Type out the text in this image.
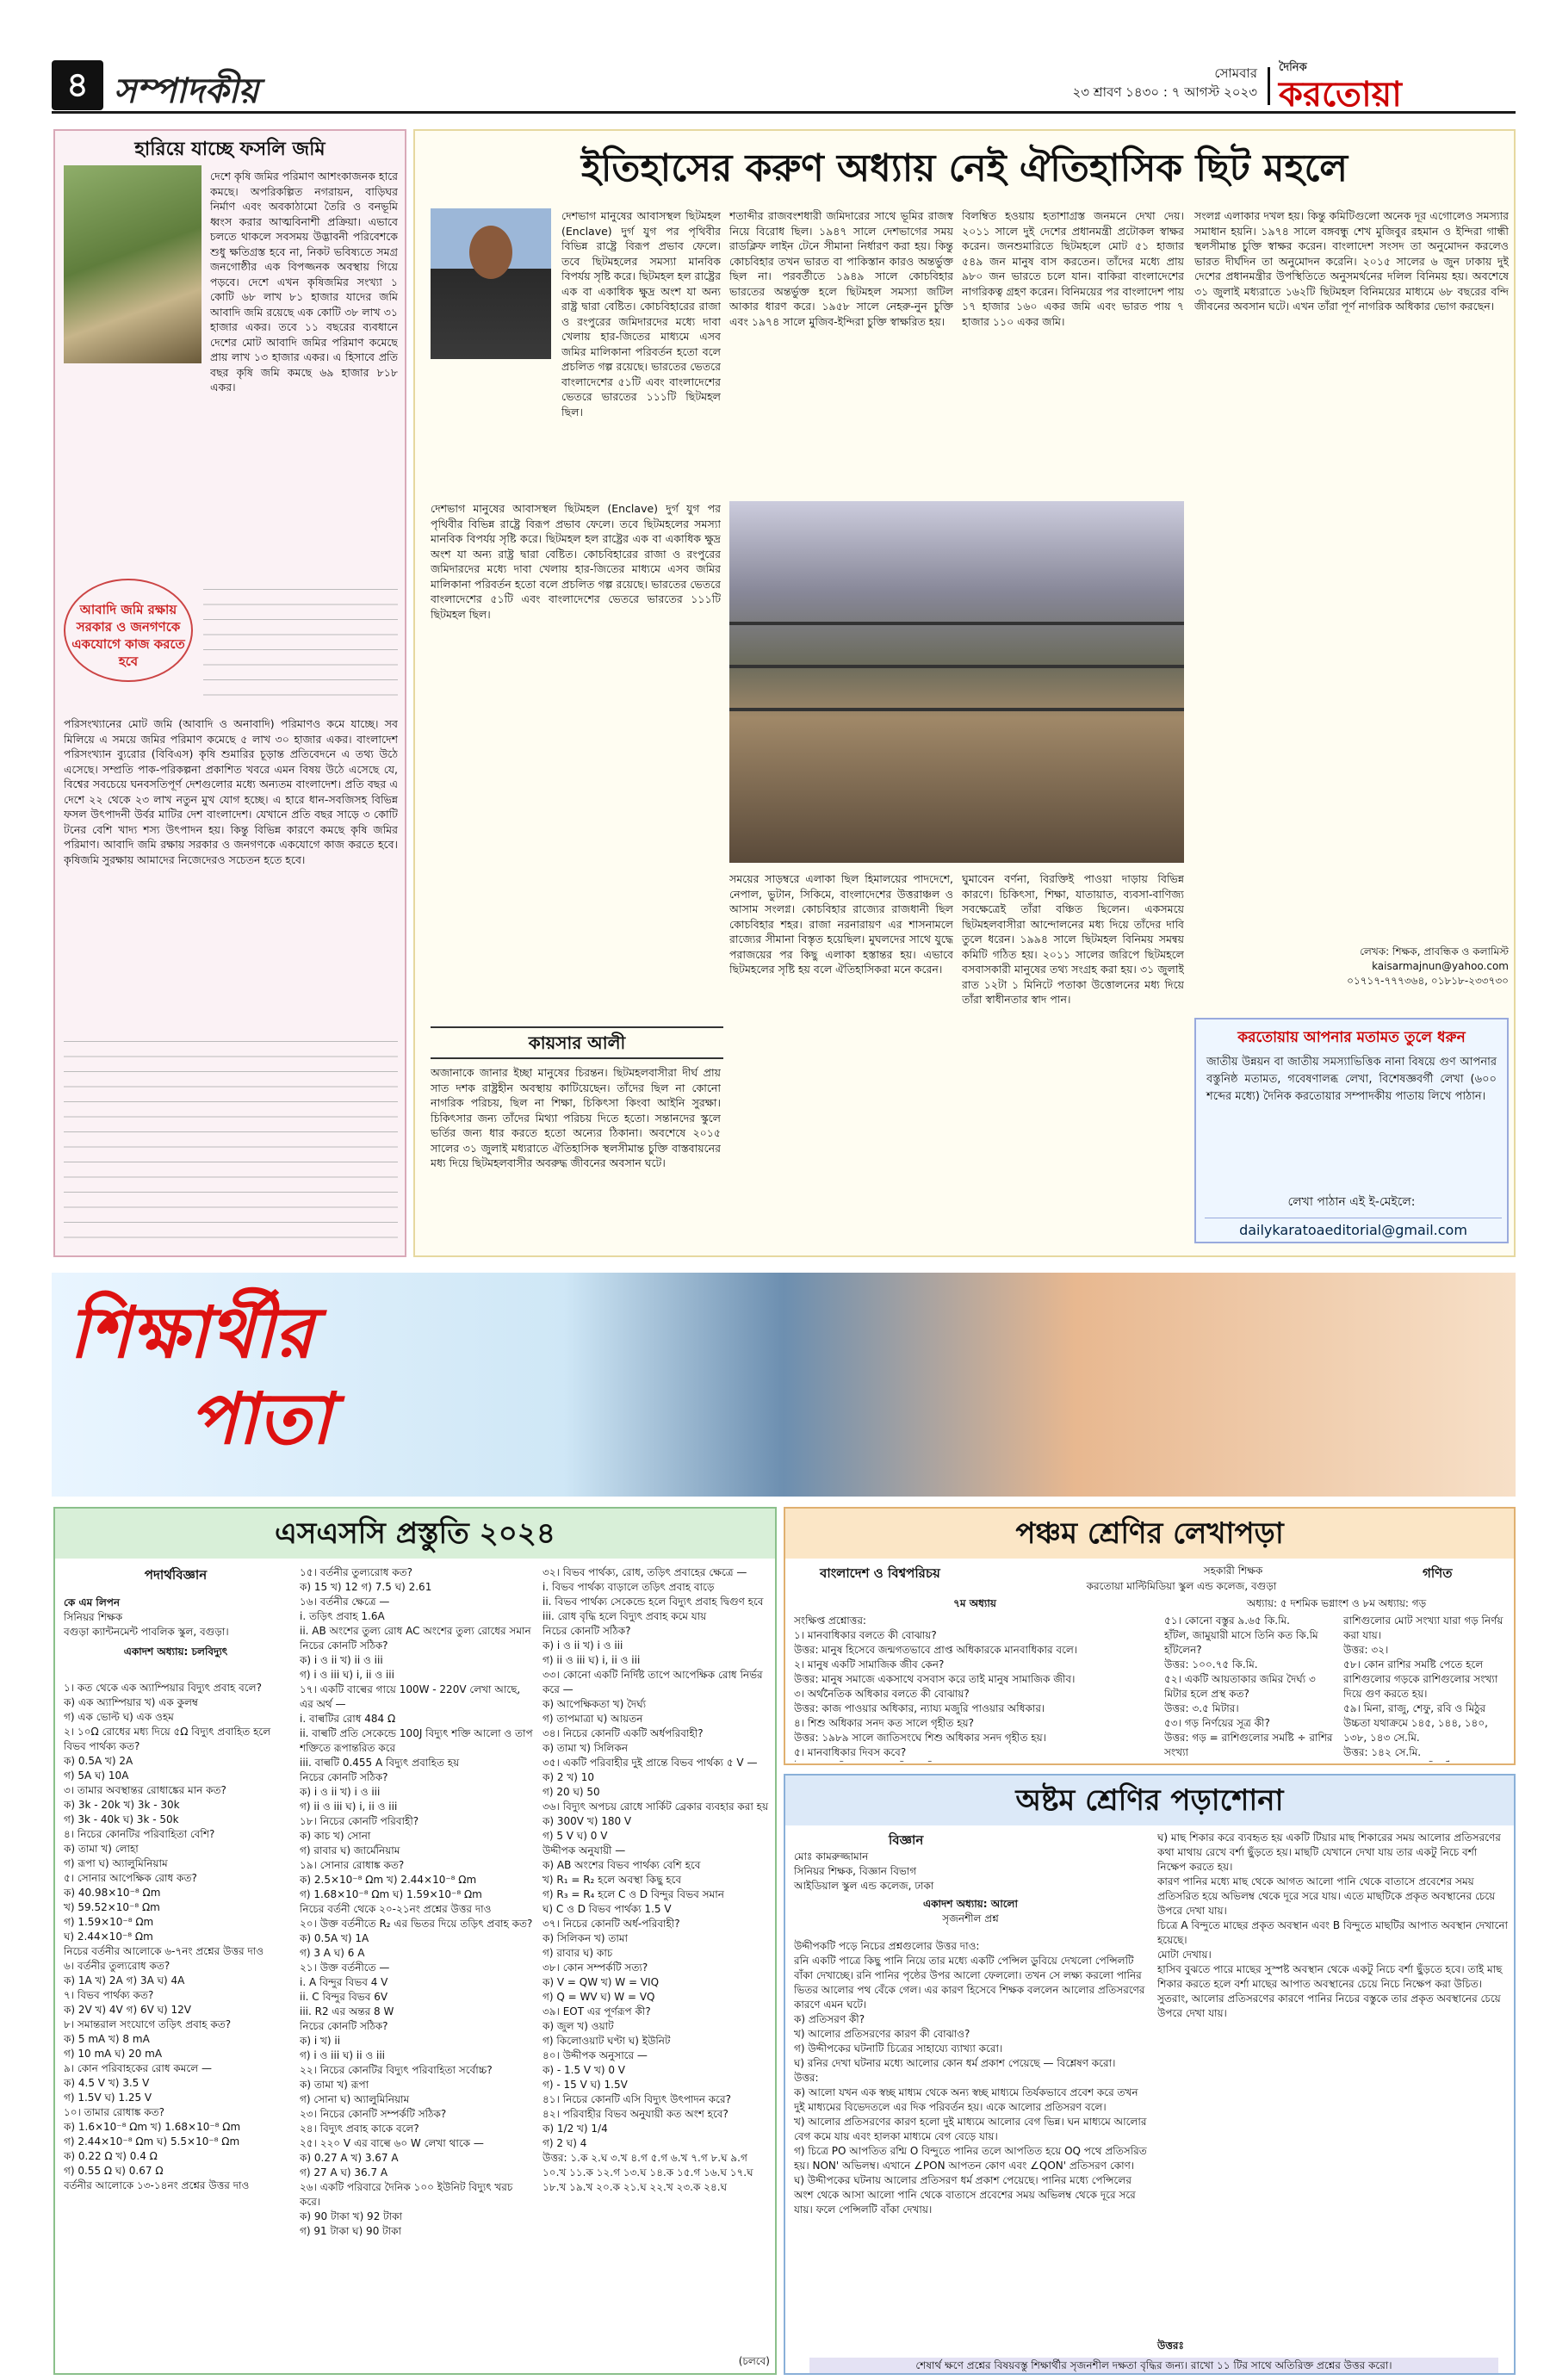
৪ সম্পাদকীয়	সোমবার
২৩ শ্রাবণ ১৪৩০ : ৭ আগস্ট ২০২৩
দৈনিক
করতোয়া
হারিয়ে যাচ্ছে ফসলি জমি
দেশে কৃষি জমির পরিমাণ আশংকাজনক হারে কমছে। অপরিকল্পিত নগরায়ন, বাড়িঘর নির্মাণ এবং অবকাঠামো তৈরি ও বনভূমি ধ্বংস করার আত্মবিনাশী প্রক্রিয়া। এভাবে চলতে থাকলে সবসময় উদ্ভাবনী পরিবেশকে শুধু ক্ষতিগ্রস্ত হবে না, নিকট ভবিষ্যতে সমগ্র জনগোষ্ঠীর এক বিপজ্জনক অবস্থায় গিয়ে পড়বে। দেশে এখন কৃষিজমির সংখ্যা ১ কোটি ৬৮ লাখ ৮১ হাজার যাদের জমি আবাদি জমি রয়েছে এক কোটি ৩৮ লাখ ৩১ হাজার একর। তবে ১১ বছরের ব্যবধানে দেশের মোট আবাদি জমির পরিমাণ কমেছে প্রায় লাখ ১৩ হাজার একর। এ হিসাবে প্রতি বছর কৃষি জমি কমছে ৬৯ হাজার ৮১৮ একর।
আবাদি জমি রক্ষায় সরকার ও জনগণকে একযোগে কাজ করতে হবে
পরিসংখ্যানের মোট জমি (আবাদি ও অনাবাদি) পরিমাণও কমে যাচ্ছে। সব মিলিয়ে এ সময়ে জমির পরিমাণ কমেছে ৫ লাখ ৩০ হাজার একর। বাংলাদেশ পরিসংখ্যান ব্যুরোর (বিবিএস) কৃষি শুমারির চূড়ান্ত প্রতিবেদনে এ তথ্য উঠে এসেছে। সম্প্রতি পাক-পরিকল্পনা প্রকাশিত খবরে এমন বিষয় উঠে এসেছে যে, বিশ্বের সবচেয়ে ঘনবসতিপূর্ণ দেশগুলোর মধ্যে অন্যতম বাংলাদেশ। প্রতি বছর এ দেশে ২২ থেকে ২৩ লাখ নতুন মুখ যোগ হচ্ছে। এ হারে ধান-সবজিসহ বিভিন্ন ফসল উৎপাদনী উর্বর মাটির দেশ বাংলাদেশ। যেখানে প্রতি বছর সাড়ে ৩ কোটি টনের বেশি খাদ্য শস্য উৎপাদন হয়। কিন্তু বিভিন্ন কারণে কমছে কৃষি জমির পরিমাণ। আবাদি জমি রক্ষায় সরকার ও জনগণকে একযোগে কাজ করতে হবে। কৃষিজমি সুরক্ষায় আমাদের নিজেদেরও সচেতন হতে হবে।
ইতিহাসের করুণ অধ্যায় নেই ঐতিহাসিক ছিট মহলে
দেশভাগ মানুষের আবাসস্থল ছিটমহল (Enclave) দুর্গ যুগ পর পৃথিবীর বিভিন্ন রাষ্ট্রে বিরূপ প্রভাব ফেলে। তবে ছিটমহলের সমস্যা মানবিক বিপর্যয় সৃষ্টি করে। ছিটমহল হল রাষ্ট্রের এক বা একাধিক ক্ষুদ্র অংশ যা অন্য রাষ্ট্র দ্বারা বেষ্টিত। কোচবিহারের রাজা ও রংপুরের জমিদারদের মধ্যে দাবা খেলায় হার-জিতের মাধ্যমে এসব জমির মালিকানা পরিবর্তন হতো বলে প্রচলিত গল্প রয়েছে। ভারতের ভেতরে বাংলাদেশের ৫১টি এবং বাংলাদেশের ভেতরে ভারতের ১১১টি ছিটমহল ছিল।
দেশভাগ মানুষের আবাসস্থল ছিটমহল (Enclave) দুর্গ যুগ পর পৃথিবীর বিভিন্ন রাষ্ট্রে বিরূপ প্রভাব ফেলে। তবে ছিটমহলের সমস্যা মানবিক বিপর্যয় সৃষ্টি করে। ছিটমহল হল রাষ্ট্রের এক বা একাধিক ক্ষুদ্র অংশ যা অন্য রাষ্ট্র দ্বারা বেষ্টিত। কোচবিহারের রাজা ও রংপুরের জমিদারদের মধ্যে দাবা খেলায় হার-জিতের মাধ্যমে এসব জমির মালিকানা পরিবর্তন হতো বলে প্রচলিত গল্প রয়েছে। ভারতের ভেতরে বাংলাদেশের ৫১টি এবং বাংলাদেশের ভেতরে ভারতের ১১১টি ছিটমহল ছিল।
কায়সার আলী
অজানাকে জানার ইচ্ছা মানুষের চিরন্তন। ছিটমহলবাসীরা দীর্ঘ প্রায় সাত দশক রাষ্ট্রহীন অবস্থায় কাটিয়েছেন। তাঁদের ছিল না কোনো নাগরিক পরিচয়, ছিল না শিক্ষা, চিকিৎসা কিংবা আইনি সুরক্ষা। চিকিৎসার জন্য তাঁদের মিথ্যা পরিচয় দিতে হতো। সন্তানদের স্কুলে ভর্তির জন্য ধার করতে হতো অন্যের ঠিকানা। অবশেষে ২০১৫ সালের ৩১ জুলাই মধ্যরাতে ঐতিহাসিক স্থলসীমান্ত চুক্তি বাস্তবায়নের মধ্য দিয়ে ছিটমহলবাসীর অবরুদ্ধ জীবনের অবসান ঘটে।
শতাব্দীর রাজবংশধারী জমিদারের সাথে ভূমির রাজস্ব নিয়ে বিরোধ ছিল। ১৯৪৭ সালে দেশভাগের সময় রাডক্লিফ লাইন টেনে সীমানা নির্ধারণ করা হয়। কিন্তু কোচবিহার তখন ভারত বা পাকিস্তান কারও অন্তর্ভুক্ত ছিল না। পরবর্তীতে ১৯৪৯ সালে কোচবিহার ভারতের অন্তর্ভুক্ত হলে ছিটমহল সমস্যা জটিল আকার ধারণ করে। ১৯৫৮ সালে নেহরু-নুন চুক্তি এবং ১৯৭৪ সালে মুজিব-ইন্দিরা চুক্তি স্বাক্ষরিত হয়।
বিলম্বিত হওয়ায় হতাশাগ্রস্ত জনমনে দেখা দেয়। ২০১১ সালে দুই দেশের প্রধানমন্ত্রী প্রটোকল স্বাক্ষর করেন। জনশুমারিতে ছিটমহলে মোট ৫১ হাজার ৫৪৯ জন মানুষ বাস করতেন। তাঁদের মধ্যে প্রায় ৯৮০ জন ভারতে চলে যান। বাকিরা বাংলাদেশের নাগরিকত্ব গ্রহণ করেন। বিনিময়ের পর বাংলাদেশ পায় ১৭ হাজার ১৬০ একর জমি এবং ভারত পায় ৭ হাজার ১১০ একর জমি।
সংলগ্ন এলাকার দখল হয়। কিন্তু কমিটিগুলো অনেক দূর এগোলেও সমস্যার সমাধান হয়নি। ১৯৭৪ সালে বঙ্গবন্ধু শেখ মুজিবুর রহমান ও ইন্দিরা গান্ধী স্থলসীমান্ত চুক্তি স্বাক্ষর করেন। বাংলাদেশ সংসদ তা অনুমোদন করলেও ভারত দীর্ঘদিন তা অনুমোদন করেনি। ২০১৫ সালের ৬ জুন ঢাকায় দুই দেশের প্রধানমন্ত্রীর উপস্থিতিতে অনুসমর্থনের দলিল বিনিময় হয়। অবশেষে ৩১ জুলাই মধ্যরাতে ১৬২টি ছিটমহল বিনিময়ের মাধ্যমে ৬৮ বছরের বন্দি জীবনের অবসান ঘটে। এখন তাঁরা পূর্ণ নাগরিক অধিকার ভোগ করছেন।
সময়ের সাড়ম্বরে এলাকা ছিল হিমালয়ের পাদদেশে, নেপাল, ভুটান, সিকিমে, বাংলাদেশের উত্তরাঞ্চল ও আসাম সংলগ্ন। কোচবিহার রাজ্যের রাজধানী ছিল কোচবিহার শহর। রাজা নরনারায়ণ এর শাসনামলে রাজ্যের সীমানা বিস্তৃত হয়েছিল। মুঘলদের সাথে যুদ্ধে পরাজয়ের পর কিছু এলাকা হস্তান্তর হয়। এভাবে ছিটমহলের সৃষ্টি হয় বলে ঐতিহাসিকরা মনে করেন।
ঘুমাবেন বর্ণনা, বিরক্তিই পাওয়া দাড়ায় বিভিন্ন কারণে। চিকিৎসা, শিক্ষা, যাতায়াত, ব্যবসা-বাণিজ্য সবক্ষেত্রেই তাঁরা বঞ্চিত ছিলেন। একসময়ে ছিটমহলবাসীরা আন্দোলনের মধ্য দিয়ে তাঁদের দাবি তুলে ধরেন। ১৯৯৪ সালে ছিটমহল বিনিময় সমন্বয় কমিটি গঠিত হয়। ২০১১ সালের জরিপে ছিটমহলে বসবাসকারী মানুষের তথ্য সংগ্রহ করা হয়। ৩১ জুলাই রাত ১২টা ১ মিনিটে পতাকা উত্তোলনের মধ্য দিয়ে তাঁরা স্বাধীনতার স্বাদ পান।
লেখক: শিক্ষক, প্রাবন্ধিক ও কলামিস্ট
kaisarmajnun@yahoo.com
০১৭১৭-৭৭৭৩৬৪, ০১৮১৮-২৩৩৭৩০
করতোয়ায় আপনার মতামত তুলে ধরুন
জাতীয় উন্নয়ন বা জাতীয় সমস্যাভিত্তিক নানা বিষয়ে গুণ আপনার বস্তুনিষ্ঠ মতামত, গবেষণালব্ধ লেখা, বিশেষজ্ঞবর্গী লেখা (৬০০ শব্দের মধ্যে) দৈনিক করতোয়ার সম্পাদকীয় পাতায় লিখে পাঠান।
লেখা পাঠান এই ই-মেইলে:
dailykaratoaeditorial@gmail.com
শিক্ষার্থীর
পাতা
এসএসসি প্রস্তুতি ২০২৪
পদার্থবিজ্ঞান
কে এম লিপন
সিনিয়র শিক্ষক
বগুড়া ক্যান্টনমেন্ট পাবলিক স্কুল, বগুড়া।
একাদশ অধ্যায়: চলবিদ্যুৎ
১। কত থেকে এক অ্যাম্পিয়ার বিদ্যুৎ প্রবাহ বলে?
ক) এক অ্যাম্পিয়ার খ) এক কুলম্ব
গ) এক ভোল্ট ঘ) এক ওহম
২। ১০Ω রোধের মধ্য দিয়ে ৫Ω বিদ্যুৎ প্রবাহিত হলে বিভব পার্থক্য কত?
ক) 0.5A খ) 2A
গ) 5A ঘ) 10A
৩। তামার অবস্থান্তর রোধাঙ্কের মান কত?
ক) 3k - 20k খ) 3k - 30k
গ) 3k - 40k ঘ) 3k - 50k
৪। নিচের কোনটির পরিবাহিতা বেশি?
ক) তামা খ) লোহা
গ) রূপা ঘ) অ্যালুমিনিয়াম
৫। সোনার আপেক্ষিক রোধ কত?
ক) 40.98×10⁻⁸ Ωm
খ) 59.52×10⁻⁸ Ωm
গ) 1.59×10⁻⁸ Ωm
ঘ) 2.44×10⁻⁸ Ωm
নিচের বর্তনীর আলোকে ৬-৭নং প্রশ্নের উত্তর দাও
৬। বর্তনীর তুল্যরোধ কত?
ক) 1A খ) 2A গ) 3A ঘ) 4A
৭। বিভব পার্থক্য কত?
ক) 2V খ) 4V গ) 6V ঘ) 12V
৮। সমান্তরাল সংযোগে তড়িৎ প্রবাহ কত?
ক) 5 mA খ) 8 mA
গ) 10 mA ঘ) 20 mA
৯। কোন পরিবাহকের রোধ কমলে —
ক) 4.5 V খ) 3.5 V
গ) 1.5V ঘ) 1.25 V
১০। তামার রোধাঙ্ক কত?
ক) 1.6×10⁻⁸ Ωm খ) 1.68×10⁻⁸ Ωm
গ) 2.44×10⁻⁸ Ωm ঘ) 5.5×10⁻⁸ Ωm
ক) 0.22 Ω খ) 0.4 Ω
গ) 0.55 Ω ঘ) 0.67 Ω
বর্তনীর আলোকে ১৩-১৪নং প্রশ্নের উত্তর দাও
১৫। বর্তনীর তুল্যরোধ কত?
ক) 15 খ) 12 গ) 7.5 ঘ) 2.61
১৬। বর্তনীর ক্ষেত্রে —
i. তড়িৎ প্রবাহ 1.6A
ii. AB অংশের তুল্য রোধ AC অংশের তুল্য রোধের সমান
নিচের কোনটি সঠিক?
ক) i ও ii খ) ii ও iii
গ) i ও iii ঘ) i, ii ও iii
১৭। একটি বাল্বের গায়ে 100W - 220V লেখা আছে, এর অর্থ —
i. বাল্বটির রোধ 484 Ω
ii. বাল্বটি প্রতি সেকেন্ডে 100J বিদ্যুৎ শক্তি আলো ও তাপ শক্তিতে রূপান্তরিত করে
iii. বাল্বটি 0.455 A বিদ্যুৎ প্রবাহিত হয়
নিচের কোনটি সঠিক?
ক) i ও ii খ) i ও iii
গ) ii ও iii ঘ) i, ii ও iii
১৮। নিচের কোনটি পরিবাহী?
ক) কাচ খ) সোনা
গ) রাবার ঘ) জার্মেনিয়াম
১৯। সোনার রোধাঙ্ক কত?
ক) 2.5×10⁻⁸ Ωm খ) 2.44×10⁻⁸ Ωm
গ) 1.68×10⁻⁸ Ωm ঘ) 1.59×10⁻⁸ Ωm
নিচের বর্তনী থেকে ২০-২১নং প্রশ্নের উত্তর দাও
২০। উক্ত বর্তনীতে R₂ এর ভিতর দিয়ে তড়িৎ প্রবাহ কত?
ক) 0.5A খ) 1A
গ) 3 A ঘ) 6 A
২১। উক্ত বর্তনীতে —
i. A বিন্দুর বিভব 4 V
ii. C বিন্দুর বিভব 6V
iii. R2 এর অন্তর 8 W
নিচের কোনটি সঠিক?
ক) i খ) ii
গ) i ও iii ঘ) ii ও iii
২২। নিচের কোনটির বিদ্যুৎ পরিবাহিতা সর্বোচ্চ?
ক) তামা খ) রূপা
গ) সোনা ঘ) অ্যালুমিনিয়াম
২৩। নিচের কোনটি সম্পর্কটি সঠিক?
২৪। বিদ্যুৎ প্রবাহ কাকে বলে?
২৫। ২২০ V এর বাল্বে ৬০ W লেখা থাকে —
ক) 0.27 A খ) 3.67 A
গ) 27 A ঘ) 36.7 A
২৬। একটি পরিবারে দৈনিক ১০০ ইউনিট বিদ্যুৎ খরচ করে।
ক) 90 টাকা খ) 92 টাকা
গ) 91 টাকা ঘ) 90 টাকা
৩২। বিভব পার্থক্য, রোধ, তড়িৎ প্রবাহের ক্ষেত্রে —
i. বিভব পার্থক্য বাড়ালে তড়িৎ প্রবাহ বাড়ে
ii. বিভব পার্থক্য সেকেন্ডে হলে বিদ্যুৎ প্রবাহ দ্বিগুণ হবে
iii. রোধ বৃদ্ধি হলে বিদ্যুৎ প্রবাহ কমে যায়
নিচের কোনটি সঠিক?
ক) i ও ii খ) i ও iii
গ) ii ও iii ঘ) i, ii ও iii
৩৩। কোনো একটি নির্দিষ্ট তাপে আপেক্ষিক রোধ নির্ভর করে —
ক) আপেক্ষিকতা খ) দৈর্ঘ্য
গ) তাপমাত্রা ঘ) আয়তন
৩৪। নিচের কোনটি একটি অর্ধপরিবাহী?
ক) তামা খ) সিলিকন
৩৫। একটি পরিবাহীর দুই প্রান্তে বিভব পার্থক্য ৫ V —
ক) 2 খ) 10
গ) 20 ঘ) 50
৩৬। বিদ্যুৎ অপচয় রোধে সার্কিট ব্রেকার ব্যবহার করা হয়
ক) 300V খ) 180 V
গ) 5 V ঘ) 0 V
উদ্দীপক অনুযায়ী —
ক) AB অংশের বিভব পার্থক্য বেশি হবে
খ) R₁ = R₂ হলে অবস্থা কিছু হবে
গ) R₃ = R₄ হলে C ও D বিন্দুর বিভব সমান
ঘ) C ও D বিভব পার্থক্য 1.5 V
৩৭। নিচের কোনটি অর্ধ-পরিবাহী?
ক) সিলিকন খ) তামা
গ) রাবার ঘ) কাচ
৩৮। কোন সম্পর্কটি সত্য?
ক) V = QW খ) W = VIQ
গ) Q = WV ঘ) W = VQ
৩৯। EOT এর পূর্ণরূপ কী?
ক) জুল খ) ওয়াট
গ) কিলোওয়াট ঘণ্টা ঘ) ইউনিট
৪০। উদ্দীপক অনুসারে —
ক) - 1.5 V খ) 0 V
গ) - 15 V ঘ) 1.5V
৪১। নিচের কোনটি এসি বিদ্যুৎ উৎপাদন করে?
৪২। পরিবাহীর বিভব অনুযায়ী কত অংশ হবে?
ক) 1/2 খ) 1/4
গ) 2 ঘ) 4
উত্তর: ১.ক ২.ঘ ৩.খ ৪.গ ৫.গ ৬.খ ৭.গ ৮.ঘ ৯.গ ১০.খ ১১.ক ১২.গ ১৩.ঘ ১৪.ক ১৫.গ ১৬.ঘ ১৭.ঘ ১৮.খ ১৯.খ ২০.ক ২১.ঘ ২২.খ ২৩.ক ২৪.ঘ
(চলবে)
পঞ্চম শ্রেণির লেখাপড়া
বাংলাদেশ ও বিশ্বপরিচয়	গণিত
সহকারী শিক্ষক
করতোয়া মাল্টিমিডিয়া স্কুল এন্ড কলেজ, বগুড়া
৭ম অধ্যায়	অধ্যায়: ৫ দশমিক ভগ্নাংশ ও ৮ম অধ্যায়: গড়
সংক্ষিপ্ত প্রশ্নোত্তর:
১। মানবাধিকার বলতে কী বোঝায়?
উত্তর: মানুষ হিসেবে জন্মগতভাবে প্রাপ্ত অধিকারকে মানবাধিকার বলে।
২। মানুষ একটি সামাজিক জীব কেন?
উত্তর: মানুষ সমাজে একসাথে বসবাস করে তাই মানুষ সামাজিক জীব।
৩। অর্থনৈতিক অধিকার বলতে কী বোঝায়?
উত্তর: কাজ পাওয়ার অধিকার, ন্যায্য মজুরি পাওয়ার অধিকার।
৪। শিশু অধিকার সনদ কত সালে গৃহীত হয়?
উত্তর: ১৯৮৯ সালে জাতিসংঘে শিশু অধিকার সনদ গৃহীত হয়।
৫। মানবাধিকার দিবস কবে?
৫১। কোনো বস্তুর ৯.৬৫ কি.মি.
হাঁটল, জামুয়ারী মাসে তিনি কত কি.মি হাঁটলেন?
উত্তর: ১০০.৭৫ কি.মি.
৫২। একটি আয়তাকার জমির দৈর্ঘ্য ৩ মিটার হলে প্রস্থ কত?
উত্তর: ৩.৫ মিটার।
৫৩। গড় নির্ণয়ের সূত্র কী?
উত্তর: গড় = রাশিগুলোর সমষ্টি ÷ রাশির সংখ্যা
রাশিগুলোর মোট সংখ্যা যারা গড় নির্ণয় করা যায়।
উত্তর: ৩২।
৫৮। কোন রাশির সমষ্টি পেতে হলে রাশিগুলোর গড়কে রাশিগুলোর সংখ্যা দিয়ে গুণ করতে হয়।
৫৯। মিনা, রাজু, শেফু, রবি ও মিঠুর উচ্চতা যথাক্রমে ১৪৫, ১৪৪, ১৪০, ১৩৮, ১৪৩ সে.মি.
উত্তর: ১৪২ সে.মি.
অষ্টম শ্রেণির পড়াশোনা
বিজ্ঞান
মোঃ কামরুজ্জামান
সিনিয়র শিক্ষক, বিজ্ঞান বিভাগ
আইডিয়াল স্কুল এন্ড কলেজ, ঢাকা
একাদশ অধ্যায়: আলো
সৃজনশীল প্রশ্ন
উদ্দীপকটি পড়ে নিচের প্রশ্নগুলোর উত্তর দাও:
রনি একটি পাত্রে কিছু পানি নিয়ে তার মধ্যে একটি পেন্সিল ডুবিয়ে দেখলো পেন্সিলটি বাঁকা দেখাচ্ছে। রনি পানির পৃষ্ঠের উপর আলো ফেললো। তখন সে লক্ষ্য করলো পানির ভিতর আলোর পথ বেঁকে গেল। এর কারণ হিসেবে শিক্ষক বললেন আলোর প্রতিসরণের কারণে এমন ঘটে।
ক) প্রতিসরণ কী?
খ) আলোর প্রতিসরণের কারণ কী বোঝাও?
গ) উদ্দীপকের ঘটনাটি চিত্রের সাহায্যে ব্যাখ্যা করো।
ঘ) রনির দেখা ঘটনার মধ্যে আলোর কোন ধর্ম প্রকাশ পেয়েছে — বিশ্লেষণ করো।
উত্তর:
ক) আলো যখন এক স্বচ্ছ মাধ্যম থেকে অন্য স্বচ্ছ মাধ্যমে তির্যকভাবে প্রবেশ করে তখন দুই মাধ্যমের বিভেদতলে এর দিক পরিবর্তন হয়। একে আলোর প্রতিসরণ বলে।
খ) আলোর প্রতিসরণের কারণ হলো দুই মাধ্যমে আলোর বেগ ভিন্ন। ঘন মাধ্যমে আলোর বেগ কমে যায় এবং হালকা মাধ্যমে বেগ বেড়ে যায়।
গ) চিত্রে PO আপতিত রশ্মি O বিন্দুতে পানির তলে আপতিত হয়ে OQ পথে প্রতিসরিত হয়। NON' অভিলম্ব। এখানে ∠PON আপতন কোণ এবং ∠QON' প্রতিসরণ কোণ।
ঘ) উদ্দীপকের ঘটনায় আলোর প্রতিসরণ ধর্ম প্রকাশ পেয়েছে। পানির মধ্যে পেন্সিলের অংশ থেকে আসা আলো পানি থেকে বাতাসে প্রবেশের সময় অভিলম্ব থেকে দূরে সরে যায়। ফলে পেন্সিলটি বাঁকা দেখায়।
ঘ) মাছ শিকার করে ব্যবহৃত হয় একটি টিয়ার মাছ শিকারের সময় আলোর প্রতিসরণের কথা মাথায় রেখে বর্শা ছুঁড়তে হয়। মাছটি যেখানে দেখা যায় তার একটু নিচে বর্শা নিক্ষেপ করতে হয়।
কারণ পানির মধ্যে মাছ থেকে আগত আলো পানি থেকে বাতাসে প্রবেশের সময় প্রতিসরিত হয়ে অভিলম্ব থেকে দূরে সরে যায়। এতে মাছটিকে প্রকৃত অবস্থানের চেয়ে উপরে দেখা যায়।
চিত্রে A বিন্দুতে মাছের প্রকৃত অবস্থান এবং B বিন্দুতে মাছটির আপাত অবস্থান দেখানো হয়েছে।
মোটা দেখায়।
হাসিব বুঝতে পারে মাছের সুস্পষ্ট অবস্থান থেকে একটু নিচে বর্শা ছুঁড়তে হবে। তাই মাছ শিকার করতে হলে বর্শা মাছের আপাত অবস্থানের চেয়ে নিচে নিক্ষেপ করা উচিত।
সুতরাং, আলোর প্রতিসরণের কারণে পানির নিচের বস্তুকে তার প্রকৃত অবস্থানের চেয়ে উপরে দেখা যায়।
উত্তরঃ
শেষার্থ ক্ষণে প্রশ্নের বিষয়বস্তু শিক্ষার্থীর সৃজনশীল দক্ষতা বৃদ্ধির জন্য। রাখো ১১ টির সাথে অতিরিক্ত প্রশ্নের উত্তর করো।
